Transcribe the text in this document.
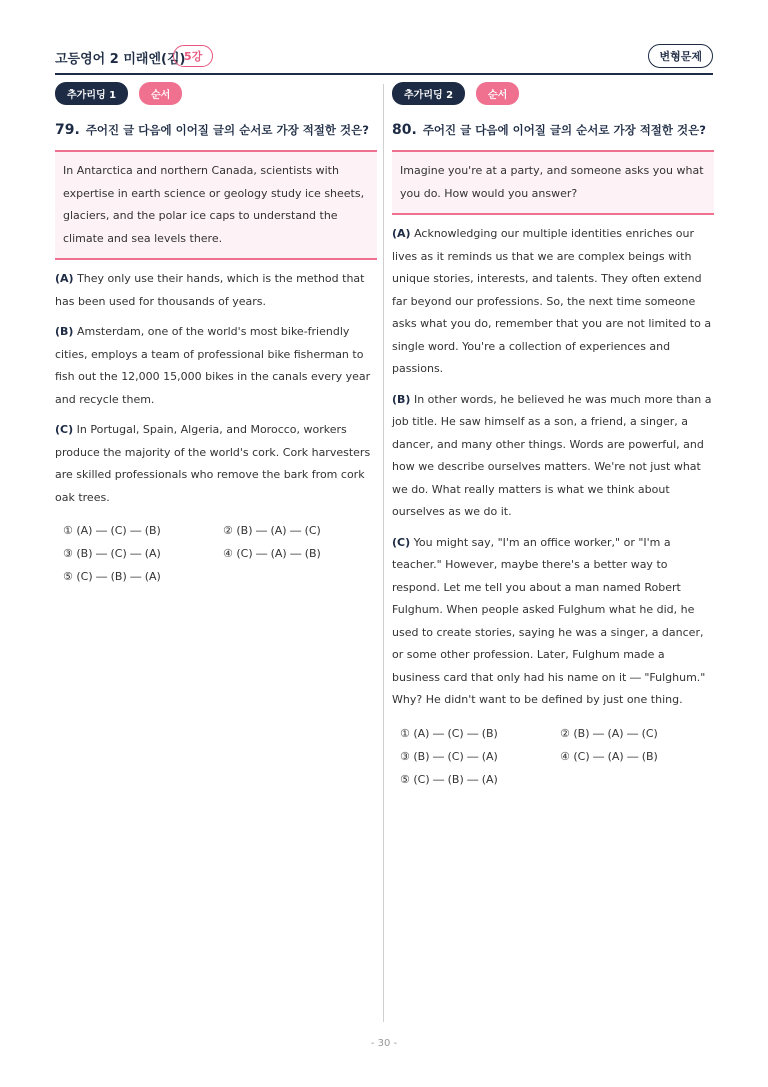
고등영어 2 미래엔(김)
5강	변형문제
추가리딩 1	순서
79. 주어진 글 다음에 이어질 글의 순서로 가장 적절한 것은?
In Antarctica and northern Canada, scientists with expertise in earth science or geology study ice sheets, glaciers, and the polar ice caps to understand the climate and sea levels there.
(A) They only use their hands, which is the method that has been used for thousands of years.
(B) Amsterdam, one of the world's most bike-friendly cities, employs a team of professional bike fisherman to fish out the 12,000 15,000 bikes in the canals every year and recycle them.
(C) In Portugal, Spain, Algeria, and Morocco, workers produce the majority of the world's cork. Cork harvesters are skilled professionals who remove the bark from cork oak trees.
① (A) ― (C) ― (B)	② (B) ― (A) ― (C)
③ (B) ― (C) ― (A)	④ (C) ― (A) ― (B)
⑤ (C) ― (B) ― (A)
추가리딩 2	순서
80. 주어진 글 다음에 이어질 글의 순서로 가장 적절한 것은?
Imagine you're at a party, and someone asks you what you do. How would you answer?
(A) Acknowledging our multiple identities enriches our lives as it reminds us that we are complex beings with unique stories, interests, and talents. They often extend far beyond our professions. So, the next time someone asks what you do, remember that you are not limited to a single word. You're a collection of experiences and passions.
(B) In other words, he believed he was much more than a job title. He saw himself as a son, a friend, a singer, a dancer, and many other things. Words are powerful, and how we describe ourselves matters. We're not just what we do. What really matters is what we think about ourselves as we do it.
(C) You might say, "I'm an office worker," or "I'm a teacher." However, maybe there's a better way to respond. Let me tell you about a man named Robert Fulghum. When people asked Fulghum what he did, he used to create stories, saying he was a singer, a dancer, or some other profession. Later, Fulghum made a business card that only had his name on it ― "Fulghum." Why? He didn't want to be defined by just one thing.
① (A) ― (C) ― (B)	② (B) ― (A) ― (C)
③ (B) ― (C) ― (A)	④ (C) ― (A) ― (B)
⑤ (C) ― (B) ― (A)
- 30 -
